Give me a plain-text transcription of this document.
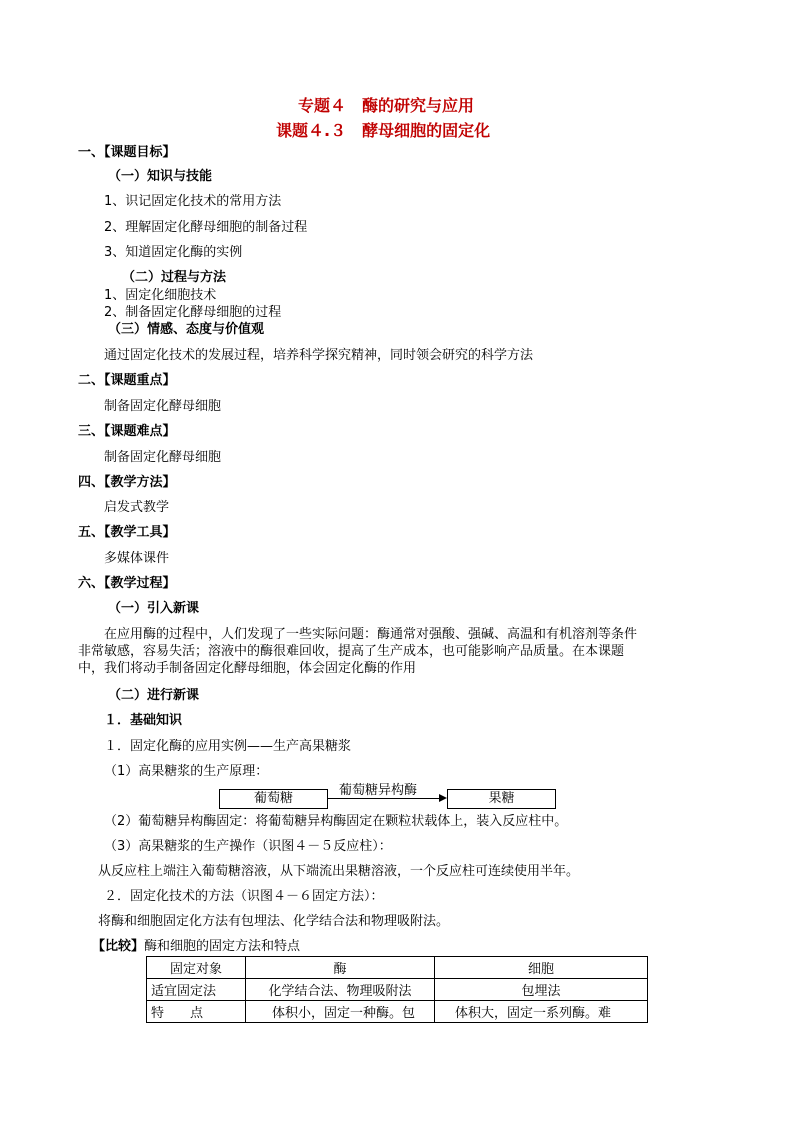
专题４　酶的研究与应用
课题４.３　酵母细胞的固定化
一、【课题目标】
（一）知识与技能
1、识记固定化技术的常用方法
2、理解固定化酵母细胞的制备过程
3、知道固定化酶的实例
（二）过程与方法
1、固定化细胞技术
2、制备固定化酵母细胞的过程
（三）情感、态度与价值观
通过固定化技术的发展过程，培养科学探究精神，同时领会研究的科学方法
二、【课题重点】
制备固定化酵母细胞
三、【课题难点】
制备固定化酵母细胞
四、【教学方法】
启发式教学
五、【教学工具】
多媒体课件
六、【教学过程】
（一）引入新课
在应用酶的过程中，人们发现了一些实际问题：酶通常对强酸、强碱、高温和有机溶剂等条件非常敏感，容易失活；溶液中的酶很难回收，提高了生产成本，也可能影响产品质量。在本课题中，我们将动手制备固定化酵母细胞，体会固定化酶的作用
（二）进行新课
１．基础知识
１．固定化酶的应用实例——生产高果糖浆
（1）高果糖浆的生产原理：
葡萄糖
葡萄糖异构酶
果糖
（2）葡萄糖异构酶固定：将葡萄糖异构酶固定在颗粒状载体上，装入反应柱中。
（3）高果糖浆的生产操作（识图４－５反应柱）：
从反应柱上端注入葡萄糖溶液，从下端流出果糖溶液，一个反应柱可连续使用半年。
２．固定化技术的方法（识图４－６固定方法）：
将酶和细胞固定化方法有包埋法、化学结合法和物理吸附法。
【比较】酶和细胞的固定方法和特点
固定对象	酶	细胞
适宜固定法	化学结合法、物理吸附法	包埋法
特　　点	体积小，固定一种酶。包	体积大，固定一系列酶。难
